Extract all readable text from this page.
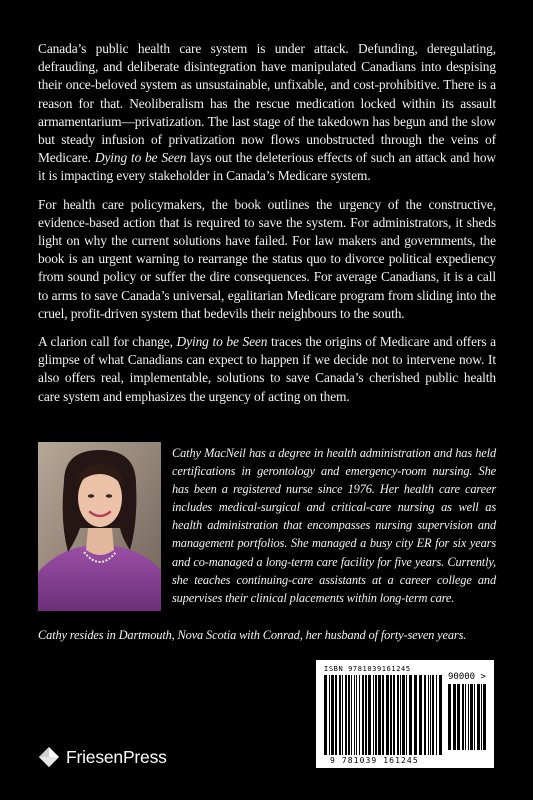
Canada’s public health care system is under attack. Defunding, deregulating, defrauding, and deliberate disintegration have manipulated Canadians into despising their once-beloved system as unsustainable, unfixable, and cost-prohibitive. There is a reason for that. Neoliberalism has the rescue medication locked within its assault armamentarium—privatization. The last stage of the takedown has begun and the slow but steady infusion of privatization now flows unobstructed through the veins of Medicare. Dying to be Seen lays out the deleterious effects of such an attack and how it is impacting every stakeholder in Canada’s Medicare system.

For health care policymakers, the book outlines the urgency of the constructive, evidence-based action that is required to save the system. For administrators, it sheds light on why the current solutions have failed. For law makers and governments, the book is an urgent warning to rearrange the status quo to divorce political expediency from sound policy or suffer the dire consequences. For average Canadians, it is a call to arms to save Canada’s universal, egalitarian Medicare program from sliding into the cruel, profit-driven system that bedevils their neighbours to the south.

A clarion call for change, Dying to be Seen traces the origins of Medicare and offers a glimpse of what Canadians can expect to happen if we decide not to intervene now. It also offers real, implementable, solutions to save Canada’s cherished public health care system and emphasizes the urgency of acting on them.

Cathy MacNeil has a degree in health administration and has held certifications in gerontology and emergency-room nursing. She has been a registered nurse since 1976. Her health care career includes medical-surgical and critical-care nursing as well as health administration that encompasses nursing supervision and management portfolios. She managed a busy city ER for six years and co-managed a long-term care facility for five years. Currently, she teaches continuing-care assistants at a career college and supervises their clinical placements within long-term care.
Cathy resides in Dartmouth, Nova Scotia with Conrad, her husband of forty-seven years.
FriesenPress
ISBN 9781039161245
90000 >
9 781039 161245
